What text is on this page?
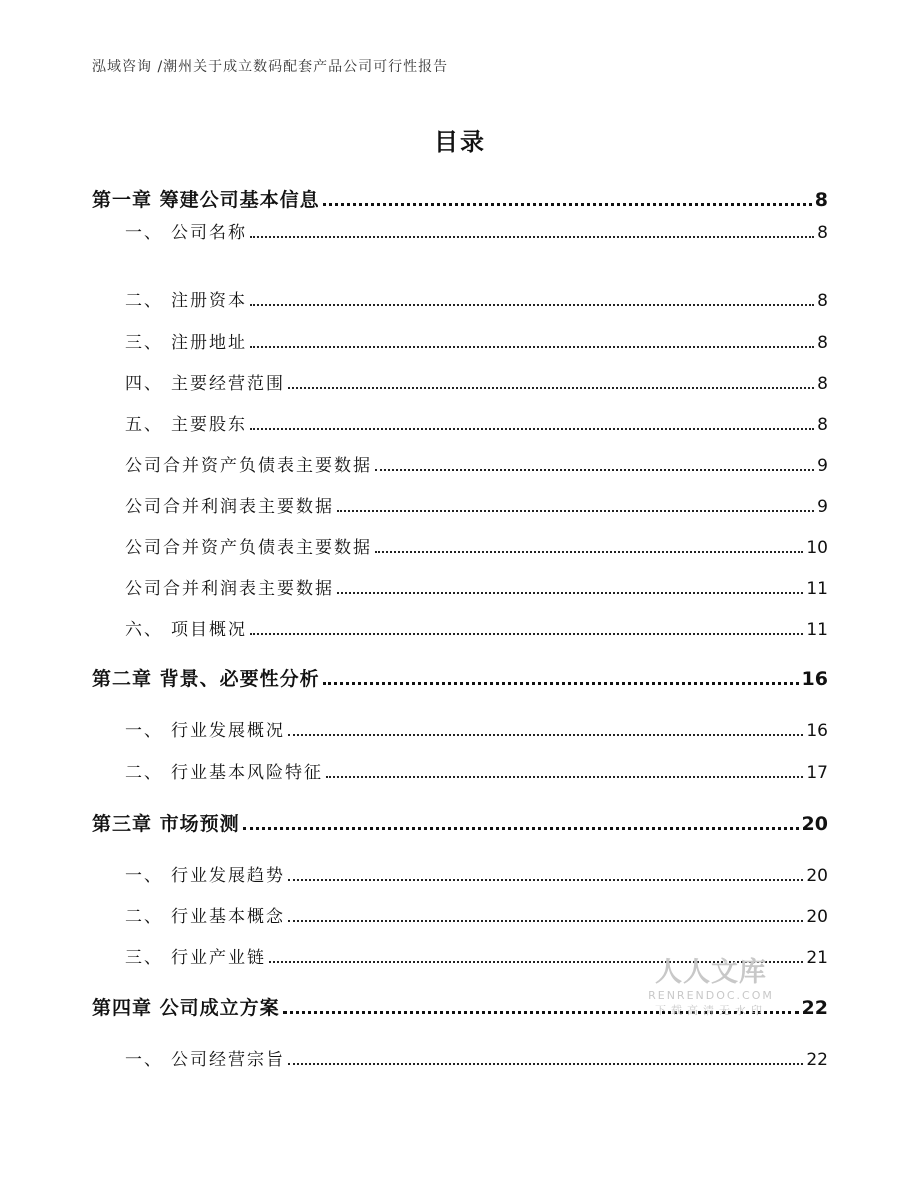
泓域咨询 /潮州关于成立数码配套产品公司可行性报告
目录
第一章 筹建公司基本信息	8
一、 公司名称	8
二、 注册资本	8
三、 注册地址	8
四、 主要经营范围	8
五、 主要股东	8
公司合并资产负债表主要数据	9
公司合并利润表主要数据	9
公司合并资产负债表主要数据	10
公司合并利润表主要数据	11
六、 项目概况	11
第二章 背景、必要性分析	16
一、 行业发展概况	16
二、 行业基本风险特征	17
第三章 市场预测	20
一、 行业发展趋势	20
二、 行业基本概念	20
三、 行业产业链	21
第四章 公司成立方案	22
一、 公司经营宗旨	22
人人文库
RENRENDOC.COM
下载高清无水印
